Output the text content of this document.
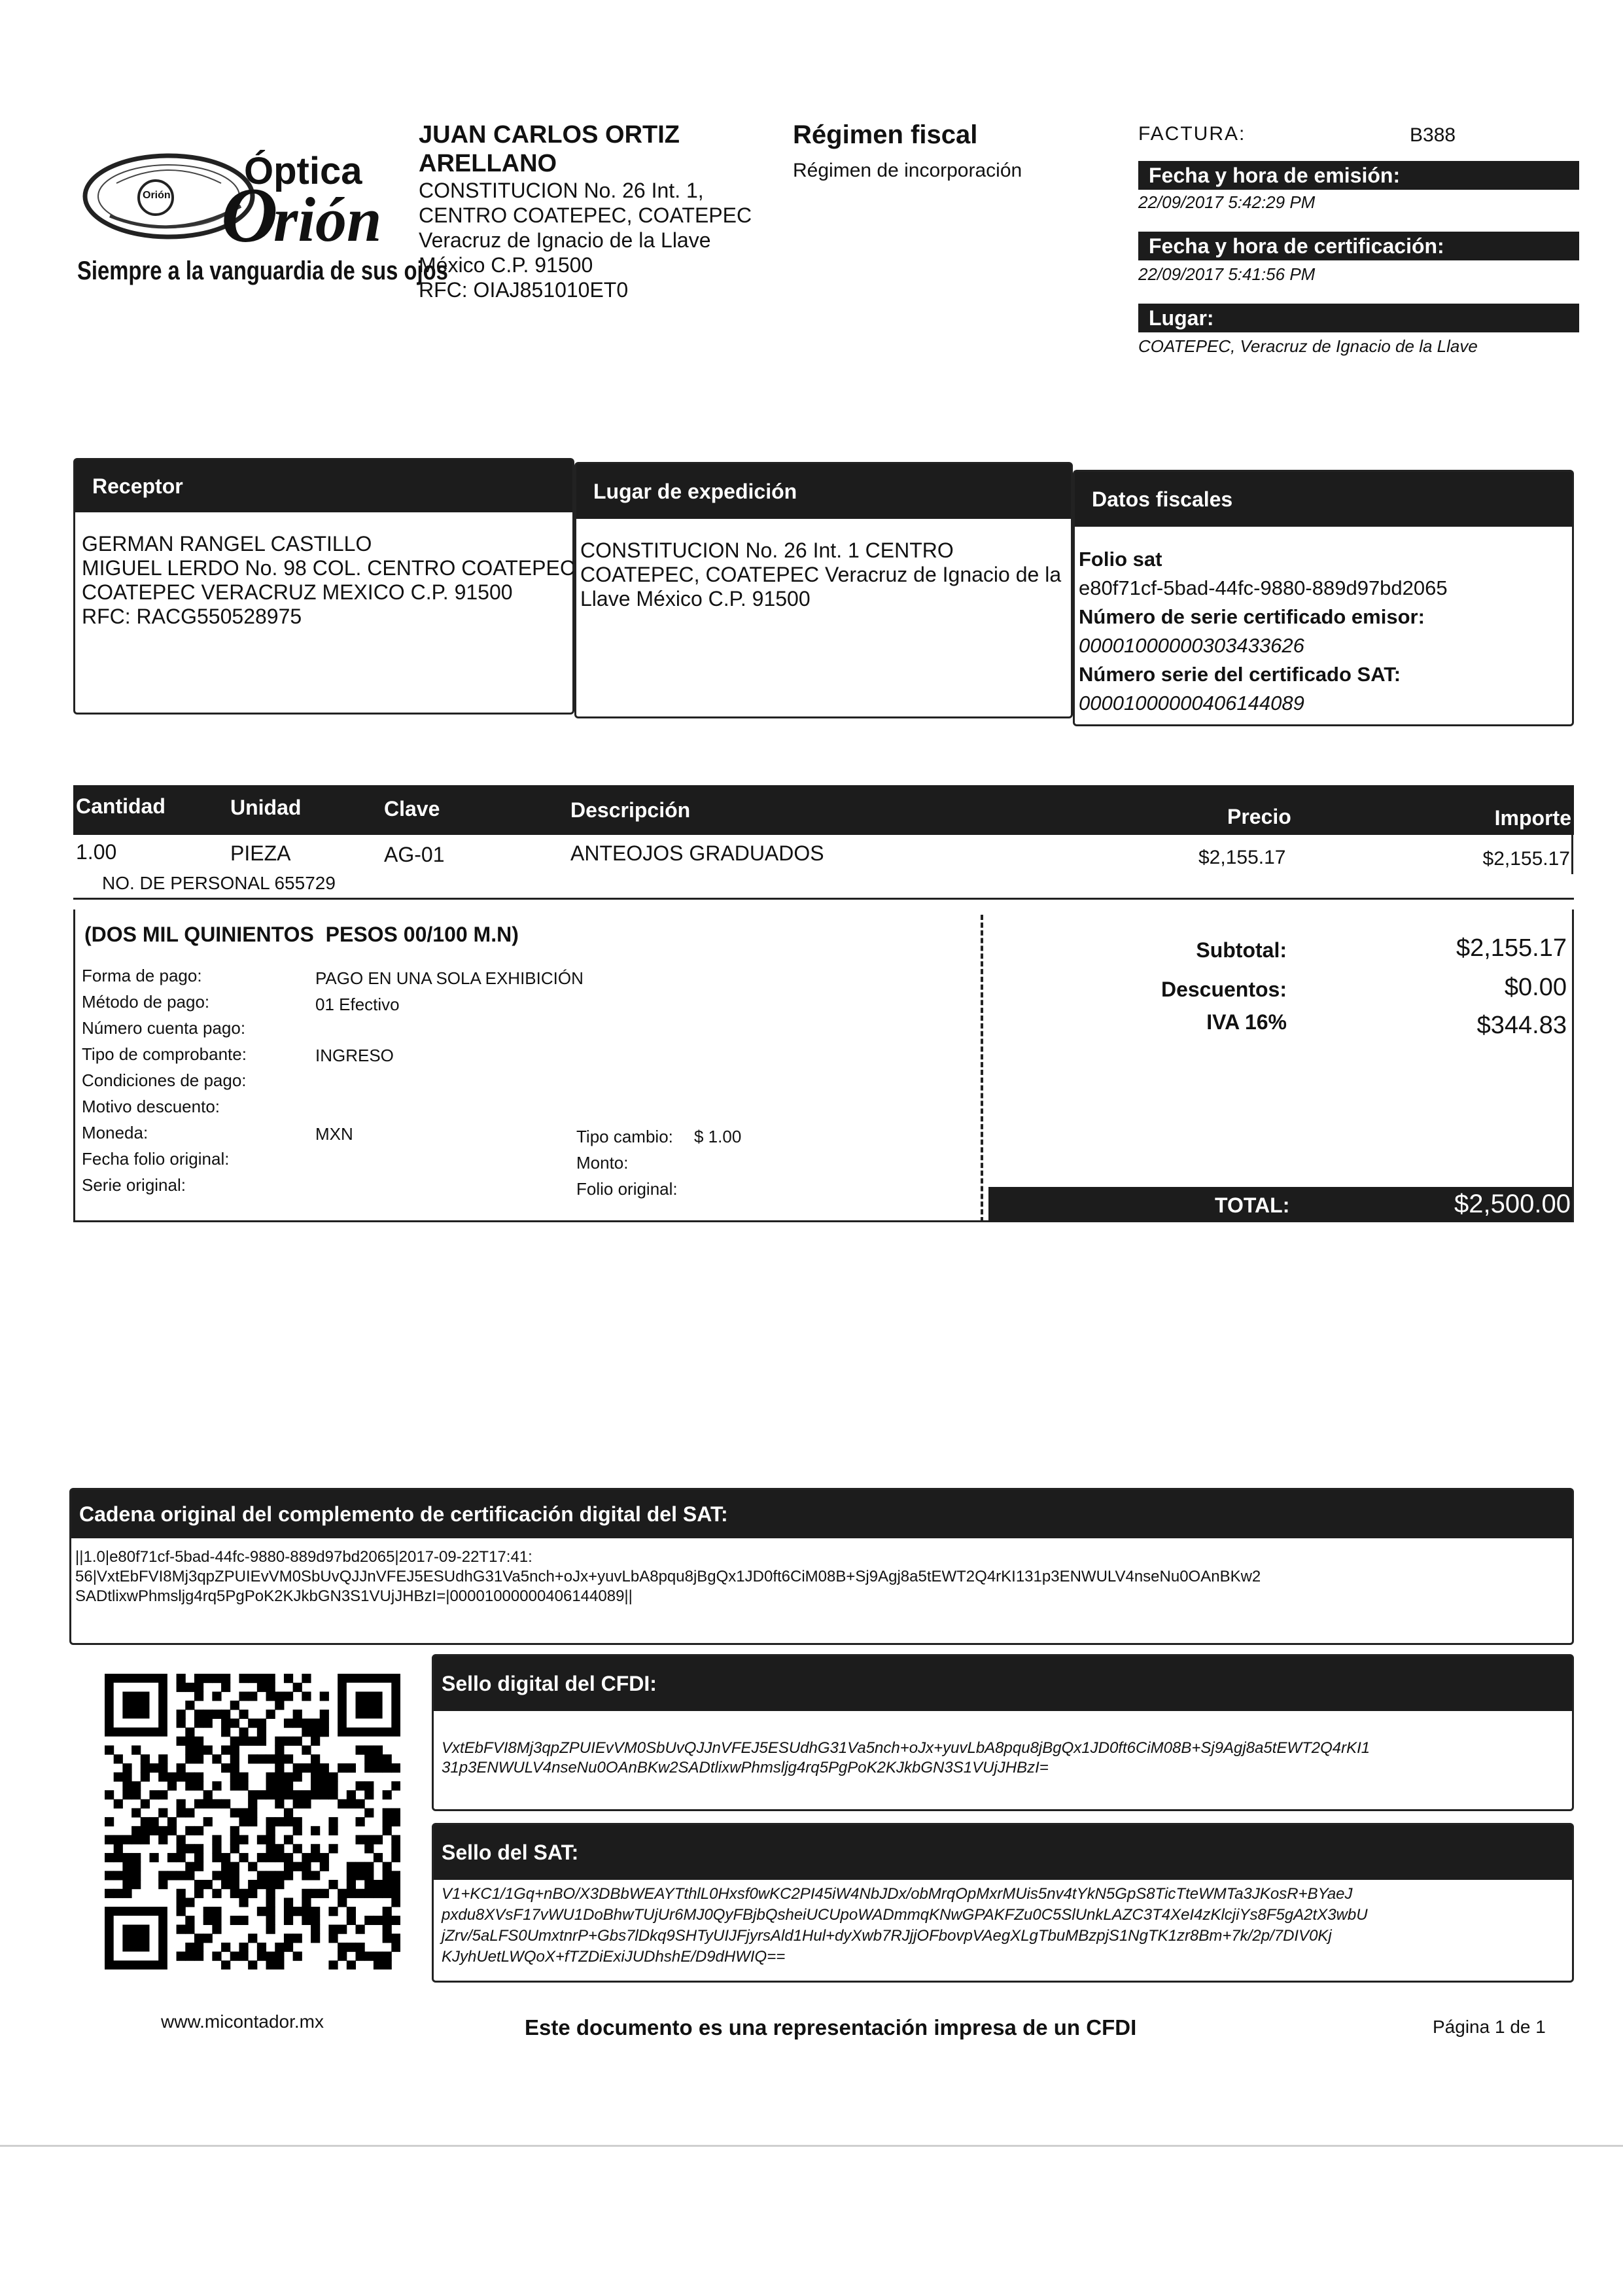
Orión
Óptica
O
rión
Siempre a la vanguardia de sus ojos
JUAN CARLOS ORTIZ
ARELLANO
CONSTITUCION No. 26 Int. 1,
CENTRO COATEPEC, COATEPEC
Veracruz de Ignacio de la Llave
México C.P. 91500
RFC: OIAJ851010ET0
Régimen fiscal
Régimen de incorporación
FACTURA:	B388
Fecha y hora de emisión:
22/09/2017 5:42:29 PM
Fecha y hora de certificación:
22/09/2017 5:41:56 PM
Lugar:
COATEPEC, Veracruz de Ignacio de la Llave
Receptor
GERMAN RANGEL CASTILLO
MIGUEL LERDO No. 98 COL. CENTRO COATEPEC
COATEPEC VERACRUZ MEXICO C.P. 91500
RFC: RACG550528975
Lugar de expedición
CONSTITUCION No. 26 Int. 1 CENTRO
COATEPEC, COATEPEC Veracruz de Ignacio de la
Llave México C.P. 91500
Datos fiscales
Folio sat
e80f71cf-5bad-44fc-9880-889d97bd2065
Número de serie certificado emisor:
00001000000303433626
Número serie del certificado SAT:
00001000000406144089
Cantidad	Unidad	Clave	Descripción	Precio	Importe
1.00	PIEZA	AG-01	ANTEOJOS GRADUADOS	$2,155.17	$2,155.17
NO. DE PERSONAL 655729
(DOS MIL QUINIENTOS  PESOS 00/100 M.N)
Forma de pago:	PAGO EN UNA SOLA EXHIBICIÓN
Método de pago:	01 Efectivo
Número cuenta pago:
Tipo de comprobante:	INGRESO
Condiciones de pago:
Motivo descuento:
Moneda:	MXN
Fecha folio original:
Serie original:
Tipo cambio: $ 1.00
Monto:
Folio original:
Subtotal:	$2,155.17
Descuentos:	$0.00
IVA 16%	$344.83
TOTAL:	$2,500.00
Cadena original del complemento de certificación digital del SAT:
||1.0|e80f71cf-5bad-44fc-9880-889d97bd2065|2017-09-22T17:41:
56|VxtEbFVI8Mj3qpZPUIEvVM0SbUvQJJnVFEJ5ESUdhG31Va5nch+oJx+yuvLbA8pqu8jBgQx1JD0ft6CiM08B+Sj9Agj8a5tEWT2Q4rKI131p3ENWULV4nseNu0OAnBKw2
SADtlixwPhmsljg4rq5PgPoK2KJkbGN3S1VUjJHBzI=|00001000000406144089||
Sello digital del CFDI:
VxtEbFVI8Mj3qpZPUIEvVM0SbUvQJJnVFEJ5ESUdhG31Va5nch+oJx+yuvLbA8pqu8jBgQx1JD0ft6CiM08B+Sj9Agj8a5tEWT2Q4rKI1
31p3ENWULV4nseNu0OAnBKw2SADtlixwPhmsljg4rq5PgPoK2KJkbGN3S1VUjJHBzI=
Sello del SAT:
V1+KC1/1Gq+nBO/X3DBbWEAYTthlL0Hxsf0wKC2PI45iW4NbJDx/obMrqOpMxrMUis5nv4tYkN5GpS8TicTteWMTa3JKosR+BYaeJ
pxdu8XVsF17vWU1DoBhwTUjUr6MJ0QyFBjbQsheiUCUpoWADmmqKNwGPAKFZu0C5SlUnkLAZC3T4XeI4zKlcjiYs8F5gA2tX3wbU
jZrv/5aLFS0UmxtnrP+Gbs7lDkq9SHTyUIJFjyrsAld1Hul+dyXwb7RJjjOFbovpVAegXLgTbuMBzpjS1NgTK1zr8Bm+7k/2p/7DIV0Kj
KJyhUetLWQoX+fTZDiExiJUDhshE/D9dHWIQ==
www.micontador.mx	Este documento es una representación impresa de un CFDI	Página 1 de 1
